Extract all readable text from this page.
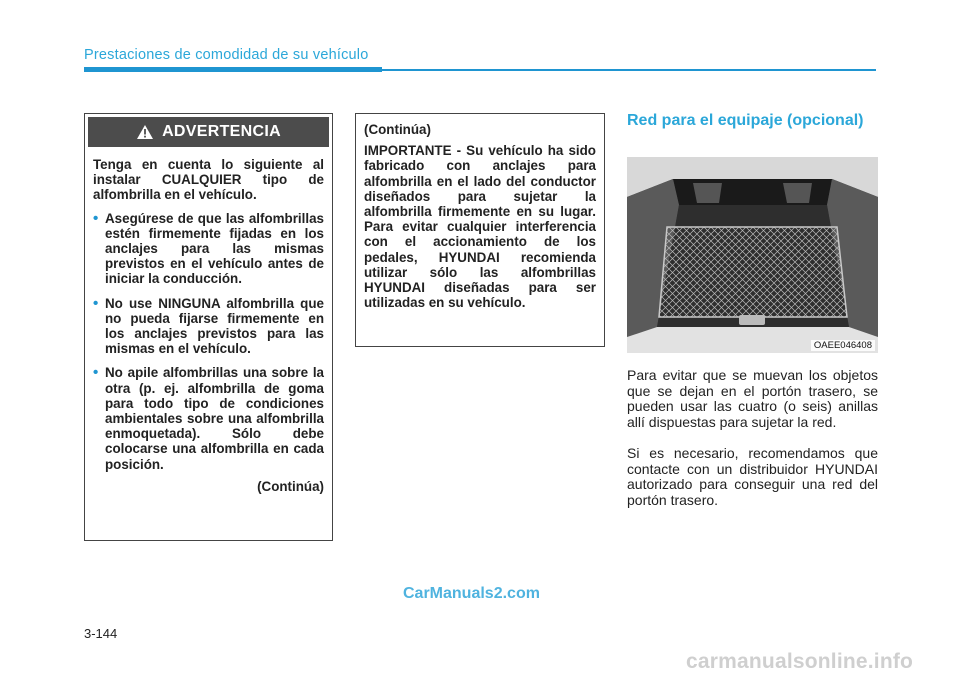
Prestaciones de comodidad de su vehículo
ADVERTENCIA

Tenga en cuenta lo siguiente al instalar CUALQUIER tipo de alfombrilla en el vehículo.

• Asegúrese de que las alfombrillas estén firmemente fijadas en los anclajes para las mismas previstos en el vehículo antes de iniciar la conducción.
• No use NINGUNA alfombrilla que no pueda fijarse firmemente en los anclajes previstos para las mismas en el vehículo.
• No apile alfombrillas una sobre la otra (p. ej. alfombrilla de goma para todo tipo de condiciones ambientales sobre una alfombrilla enmoquetada). Sólo debe colocarse una alfombrilla en cada posición.
(Continúa)

(Continúa)

IMPORTANTE - Su vehículo ha sido fabricado con anclajes para alfombrilla en el lado del conductor diseñados para sujetar la alfombrilla firmemente en su lugar. Para evitar cualquier interferencia con el accionamiento de los pedales, HYUNDAI recomienda utilizar sólo las alfombrillas HYUNDAI diseñadas para ser utilizadas en su vehículo.

Red para el equipaje (opcional)
OAEE046408

Para evitar que se muevan los objetos que se dejan en el portón trasero, se pueden usar las cuatro (o seis) anillas allí dispuestas para sujetar la red.

Si es necesario, recomendamos que contacte con un distribuidor HYUNDAI autorizado para conseguir una red del portón trasero.

3-144
CarManuals2.com
carmanualsonline.info
